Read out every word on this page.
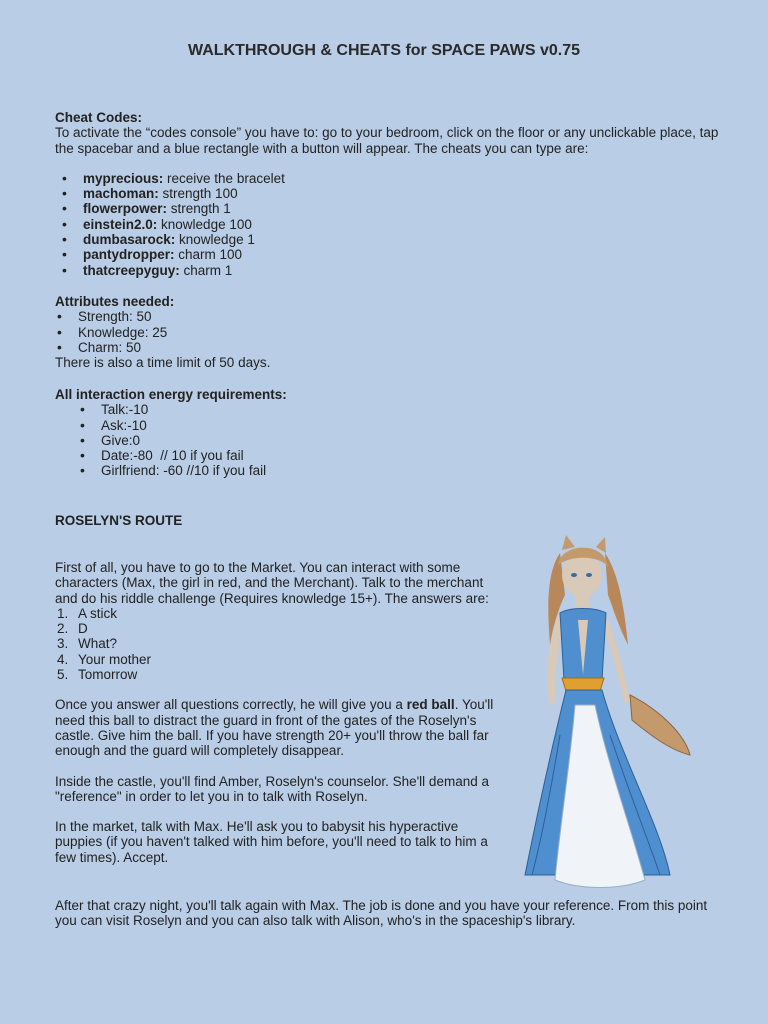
WALKTHROUGH & CHEATS for SPACE PAWS v0.75
Cheat Codes:

To activate the “codes console” you have to: go to your bedroom, click on the floor or any unclickable place, tap the spacebar and a blue rectangle with a button will appear. The cheats you can type are:

• myprecious: receive the bracelet
• machoman: strength 100
• flowerpower: strength 1
• einstein2.0: knowledge 100
• dumbasarock: knowledge 1
• pantydropper: charm 100
• thatcreepyguy: charm 1
Attributes needed:
• Strength: 50
• Knowledge: 25
• Charm: 50

There is also a time limit of 50 days.

All interaction energy requirements:
• Talk:-10
• Ask:-10
• Give:0
• Date:-80  // 10 if you fail
• Girlfriend: -60 //10 if you fail
ROSELYN'S ROUTE

First of all, you have to go to the Market. You can interact with some characters (Max, the girl in red, and the Merchant). Talk to the merchant and do his riddle challenge (Requires knowledge 15+). The answers are:

1. A stick
2. D
3. What?
4. Your mother
5. Tomorrow

Once you answer all questions correctly, he will give you a red ball. You'll need this ball to distract the guard in front of the gates of the Roselyn's castle. Give him the ball. If you have strength 20+ you'll throw the ball far enough and the guard will completely disappear.

Inside the castle, you'll find Amber, Roselyn's counselor. She'll demand a "reference" in order to let you in to talk with Roselyn.

In the market, talk with Max. He'll ask you to babysit his hyperactive puppies (if you haven't talked with him before, you'll need to talk to him a few times). Accept.

After that crazy night, you'll talk again with Max. The job is done and you have your reference. From this point you can visit Roselyn and you can also talk with Alison, who's in the spaceship's library.
